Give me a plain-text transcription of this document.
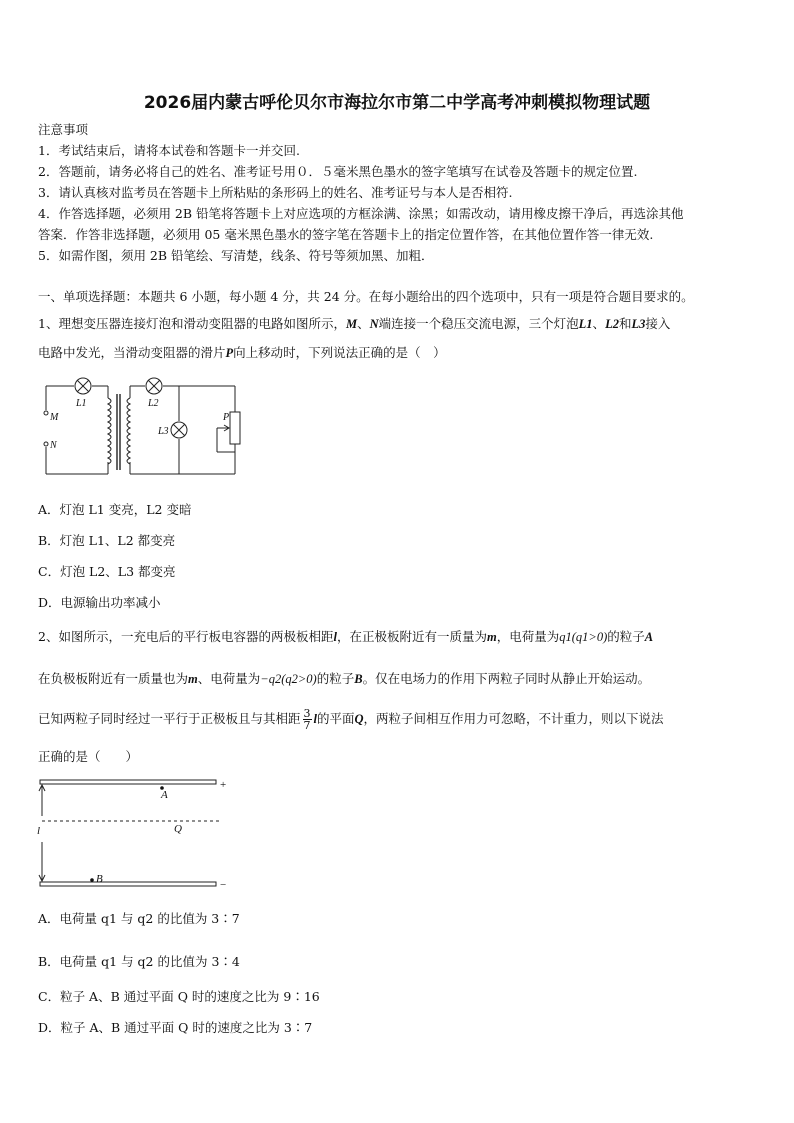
2026届内蒙古呼伦贝尔市海拉尔市第二中学高考冲刺模拟物理试题
注意事项
1．考试结束后，请将本试卷和答题卡一并交回.
2．答题前，请务必将自己的姓名、准考证号用０．５毫米黑色墨水的签字笔填写在试卷及答题卡的规定位置.
3．请认真核对监考员在答题卡上所粘贴的条形码上的姓名、准考证号与本人是否相符.
4．作答选择题，必须用 2B 铅笔将答题卡上对应选项的方框涂满、涂黑；如需改动，请用橡皮擦干净后，再选涂其他
答案．作答非选择题，必须用 05 毫米黑色墨水的签字笔在答题卡上的指定位置作答，在其他位置作答一律无效.
5．如需作图，须用 2B 铅笔绘、写清楚，线条、符号等须加黑、加粗．
一、单项选择题：本题共 6 小题，每小题 4 分，共 24 分。在每小题给出的四个选项中，只有一项是符合题目要求的。
1、理想变压器连接灯泡和滑动变阻器的电路如图所示，M、N端连接一个稳压交流电源，三个灯泡L1、L2和L3接入
电路中发光，当滑动变阻器的滑片P向上移动时，下列说法正确的是（　）
M
N
L1	L2
L3
P
A．灯泡 L1 变亮，L2 变暗
B．灯泡 L1、L2 都变亮
C．灯泡 L2、L3 都变亮
D．电源输出功率减小
2、如图所示，一充电后的平行板电容器的两极板相距l，在正极板附近有一质量为m，电荷量为q1(q1>0)的粒子A
在负极板附近有一质量也为m、电荷量为−q2(q2>0)的粒子B。仅在电场力的作用下两粒子同时从静止开始运动。
已知两粒子同时经过一平行于正极板且与其相距 $\frac{3}{7}$ l的平面Q，两粒子间相互作用力可忽略，不计重力，则以下说法
正确的是（　　）
+
−
A
B
Q
l
A．电荷量 q1 与 q2 的比值为 3∶7
B．电荷量 q1 与 q2 的比值为 3∶4
C．粒子 A、B 通过平面 Q 时的速度之比为 9∶16
D．粒子 A、B 通过平面 Q 时的速度之比为 3∶7
